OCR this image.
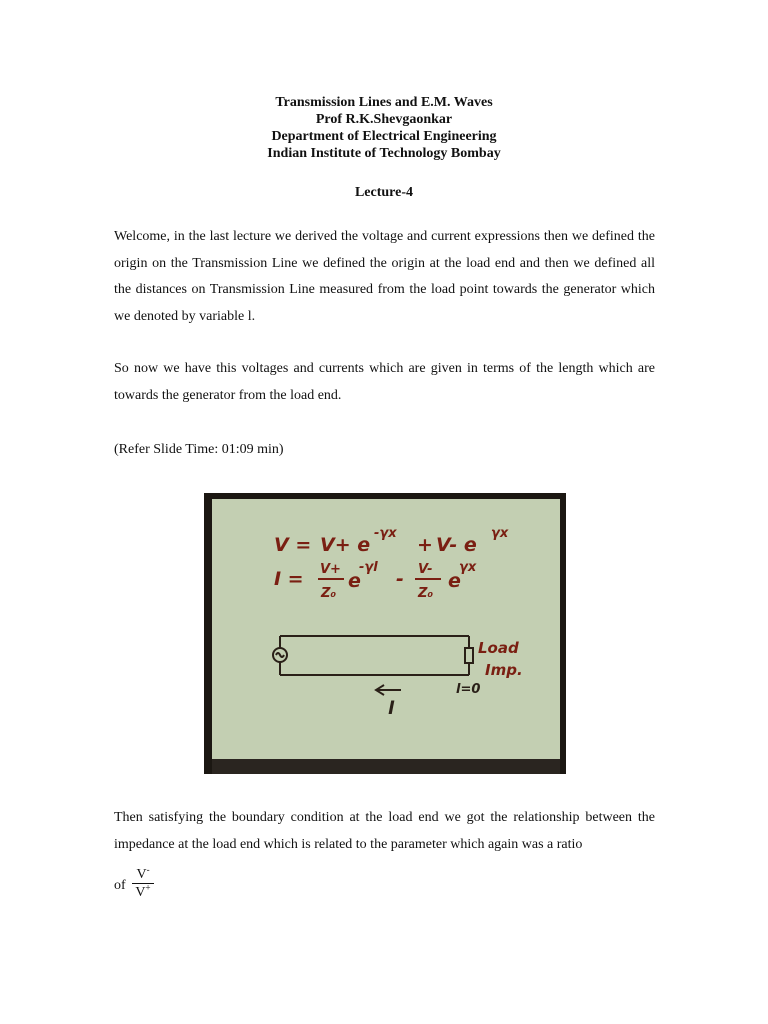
Transmission Lines and E.M. Waves
Prof R.K.Shevgaonkar
Department of Electrical Engineering
Indian Institute of Technology Bombay
Lecture-4
Welcome, in the last lecture we derived the voltage and current expressions then we defined the origin on the Transmission Line we defined the origin at the load end and then we defined all the distances on Transmission Line measured from the load point towards the generator which we denoted by variable l.
So now we have this voltages and currents which are given in terms of the length which are towards the generator from the load end.
(Refer Slide Time: 01:09 min)
V = V+ e
-γx
+ V- e
γx
I = V+
Z₀
e
-γl
- V-
Z₀
e
γx
Load
Imp.
l
l=0
Then satisfying the boundary condition at the load end we got the relationship between the impedance at the load end which is related to the parameter which again was a ratio
of $\frac{V^-}{V^+}$
